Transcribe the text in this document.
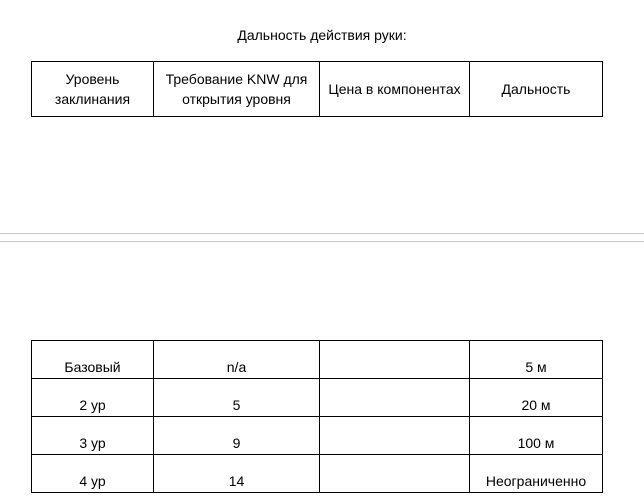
Дальность действия руки:
Уровень заклинания	Требование KNW для открытия уровня	Цена в компонентах	Дальность
Базовый	n/a		5 м
2 ур	5		20 м
3 ур	9		100 м
4 ур	14		Неограниченно
